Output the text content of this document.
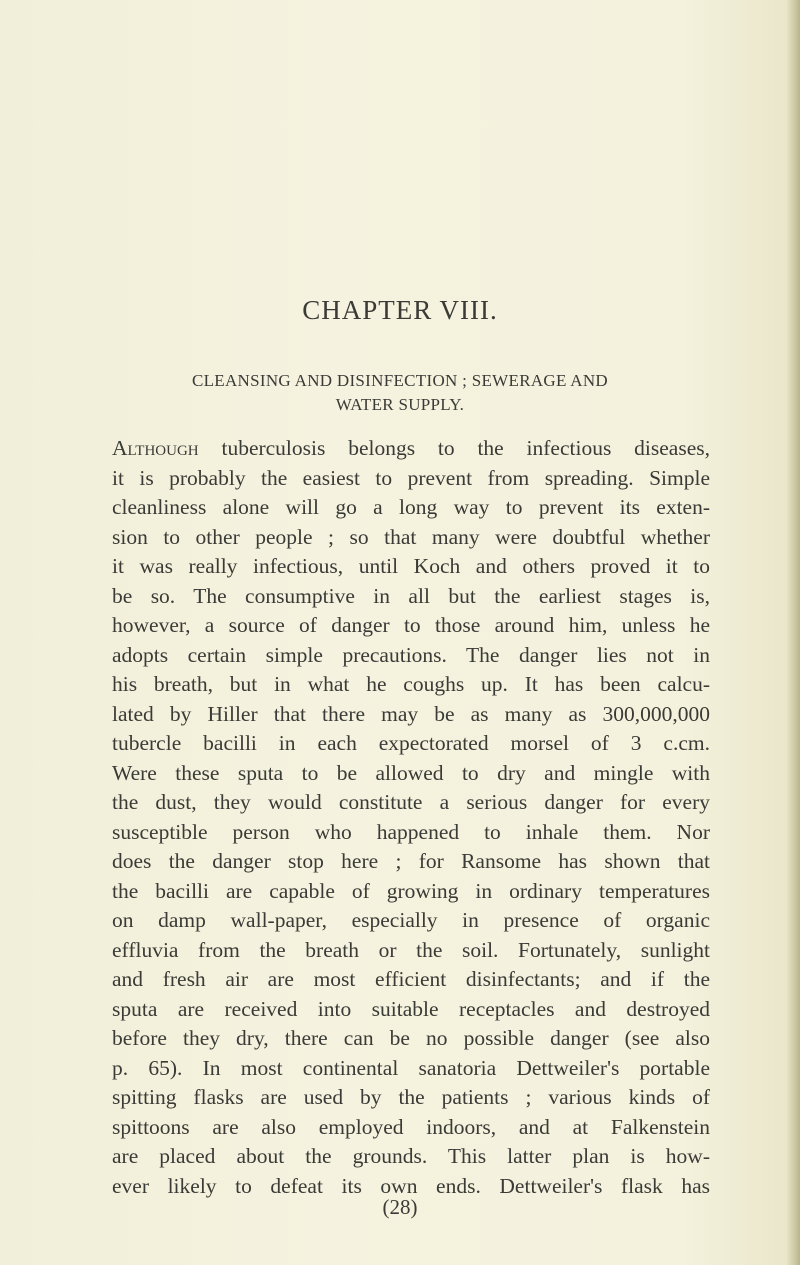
CHAPTER VIII.
CLEANSING AND DISINFECTION ; SEWERAGE AND
WATER SUPPLY.
Although tuberculosis belongs to the infectious diseases,
it is probably the easiest to prevent from spreading. Simple
cleanliness alone will go a long way to prevent its exten-
sion to other people ; so that many were doubtful whether
it was really infectious, until Koch and others proved it to
be so. The consumptive in all but the earliest stages is,
however, a source of danger to those around him, unless he
adopts certain simple precautions. The danger lies not in
his breath, but in what he coughs up. It has been calcu-
lated by Hiller that there may be as many as 300,000,000
tubercle bacilli in each expectorated morsel of 3 c.cm.
Were these sputa to be allowed to dry and mingle with
the dust, they would constitute a serious danger for every
susceptible person who happened to inhale them. Nor
does the danger stop here ; for Ransome has shown that
the bacilli are capable of growing in ordinary temperatures
on damp wall-paper, especially in presence of organic
effluvia from the breath or the soil. Fortunately, sunlight
and fresh air are most efficient disinfectants; and if the
sputa are received into suitable receptacles and destroyed
before they dry, there can be no possible danger (see also
p. 65). In most continental sanatoria Dettweiler's portable
spitting flasks are used by the patients ; various kinds of
spittoons are also employed indoors, and at Falkenstein
are placed about the grounds. This latter plan is how-
ever likely to defeat its own ends. Dettweiler's flask has
(28)
